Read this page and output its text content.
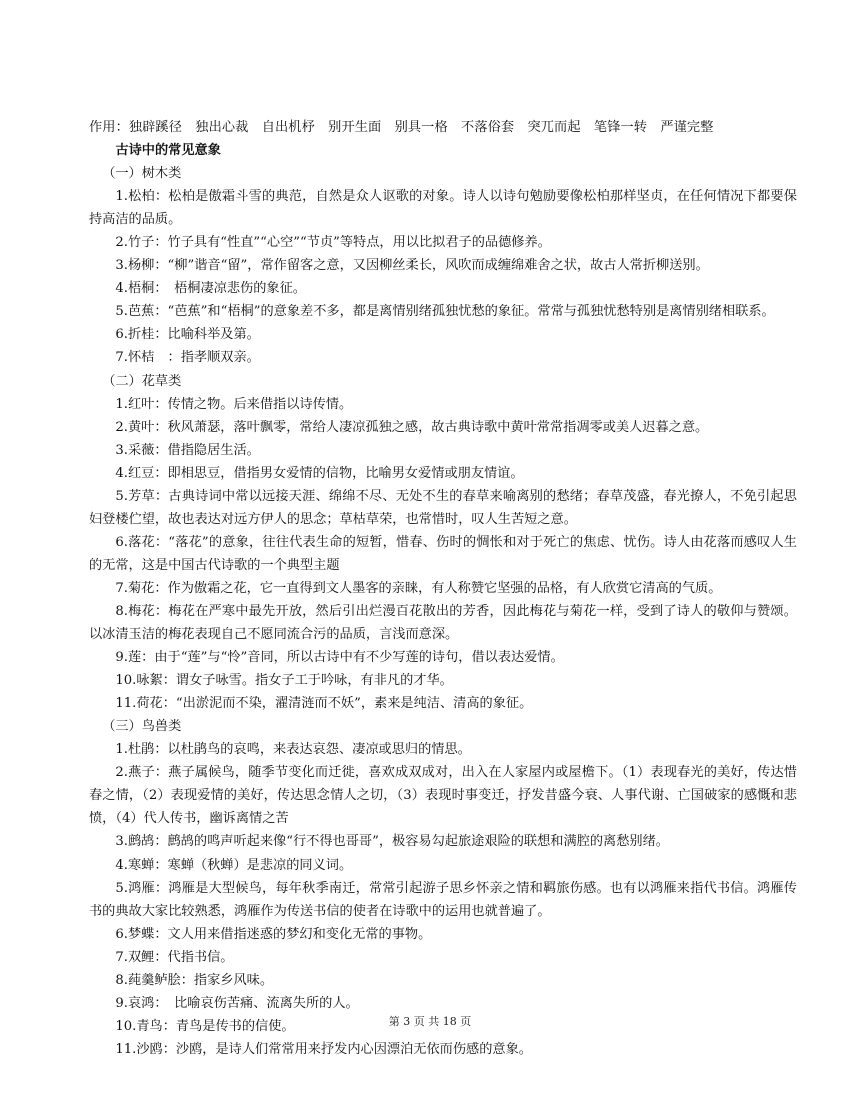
作用：独辟蹊径　独出心裁　自出机杼　别开生面　别具一格　不落俗套　突兀而起　笔锋一转　严谨完整

古诗中的常见意象

（一）树木类

1.松柏：松柏是傲霜斗雪的典范，自然是众人讴歌的对象。诗人以诗句勉励要像松柏那样坚贞，在任何情况下都要保持高洁的品质。

2.竹子：竹子具有“性直”“心空”“节贞”等特点，用以比拟君子的品德修养。

3.杨柳：“柳”谐音“留”，常作留客之意，又因柳丝柔长，风吹而成缠绵难舍之状，故古人常折柳送别。

4.梧桐：　梧桐凄凉悲伤的象征。

5.芭蕉：“芭蕉”和“梧桐”的意象差不多，都是离情别绪孤独忧愁的象征。常常与孤独忧愁特别是离情别绪相联系。

6.折桂：比喻科举及第。

7.怀桔　：指孝顺双亲。

（二）花草类

1.红叶：传情之物。后来借指以诗传情。

2.黄叶：秋风萧瑟，落叶飘零，常给人凄凉孤独之感，故古典诗歌中黄叶常常指凋零或美人迟暮之意。

3.采薇：借指隐居生活。

4.红豆：即相思豆，借指男女爱情的信物，比喻男女爱情或朋友情谊。

5.芳草：古典诗词中常以远接天涯、绵绵不尽、无处不生的春草来喻离别的愁绪；春草茂盛，春光撩人，不免引起思妇登楼伫望，故也表达对远方伊人的思念；草枯草荣，也常惜时，叹人生苦短之意。

6.落花：“落花”的意象，往往代表生命的短暂，惜春、伤时的惆怅和对于死亡的焦虑、忧伤。诗人由花落而感叹人生的无常，这是中国古代诗歌的一个典型主题

7.菊花：作为傲霜之花，它一直得到文人墨客的亲睐，有人称赞它坚强的品格，有人欣赏它清高的气质。

8.梅花：梅花在严寒中最先开放，然后引出烂漫百花散出的芳香，因此梅花与菊花一样，受到了诗人的敬仰与赞颂。以冰清玉洁的梅花表现自己不愿同流合污的品质，言浅而意深。

9.莲：由于“莲”与“怜”音同，所以古诗中有不少写莲的诗句，借以表达爱情。

10.咏絮：谓女子咏雪。指女子工于吟咏，有非凡的才华。

11.荷花：“出淤泥而不染，濯清涟而不妖”，素来是纯洁、清高的象征。

（三）鸟兽类

1.杜鹃：以杜鹃鸟的哀鸣，来表达哀怨、凄凉或思归的情思。

2.燕子：燕子属候鸟，随季节变化而迁徙，喜欢成双成对，出入在人家屋内或屋檐下。（1）表现春光的美好，传达惜春之情，（2）表现爱情的美好，传达思念情人之切，（3）表现时事变迁，抒发昔盛今衰、人事代谢、亡国破家的感慨和悲愤，（4）代人传书，幽诉离情之苦

3.鹧鸪：鹧鸪的鸣声听起来像“行不得也哥哥”，极容易勾起旅途艰险的联想和满腔的离愁别绪。

4.寒蝉：寒蝉（秋蝉）是悲凉的同义词。

5.鸿雁：鸿雁是大型候鸟，每年秋季南迁，常常引起游子思乡怀亲之情和羁旅伤感。也有以鸿雁来指代书信。鸿雁传书的典故大家比较熟悉，鸿雁作为传送书信的使者在诗歌中的运用也就普遍了。

6.梦蝶：文人用来借指迷惑的梦幻和变化无常的事物。

7.双鲤：代指书信。

8.莼羹鲈脍：指家乡风味。

9.哀鸿：　比喻哀伤苦痛、流离失所的人。

10.青鸟：青鸟是传书的信使。

11.沙鸥：沙鸥，是诗人们常常用来抒发内心因漂泊无依而伤感的意象。

第 3 页 共 18 页
